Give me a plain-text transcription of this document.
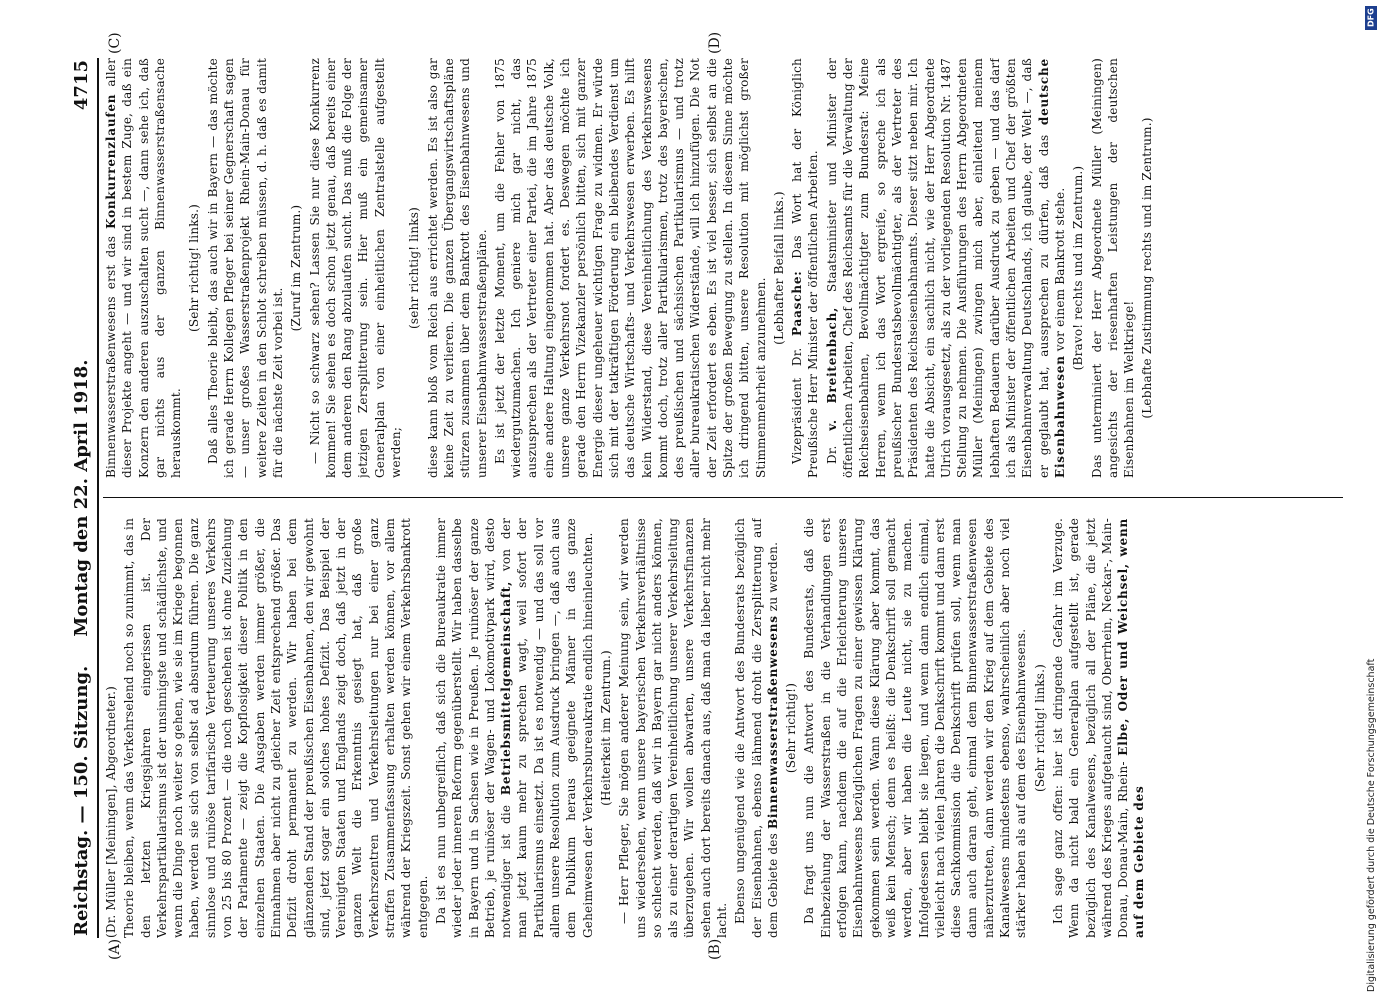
Reichstag. — 150. Sitzung.
Montag den 22. April 1918.
4715
(A)	(B)
(C)	(D)

(Dr. Müller [Meiningen], Abgeordneter.) Theorie bleiben, wenn das Verkehrselend noch so zunimmt, das in den letzten Kriegsjahren eingerissen ist. Der Verkehrspartikularismus ist der unsinnigste und schädlichste, und wenn die Dinge noch weiter so gehen, wie sie im Kriege begonnen haben, werden sie sich von selbst ad absurdum führen. Die ganz sinnlose und ruinöse tarifarische Verteuerung unseres Verkehrs von 25 bis 80 Prozent — die noch geschehen ist ohne Zuziehung der Parlamente — zeigt die Kopflosigkeit dieser Politik in den einzelnen Staaten. Die Ausgaben werden immer größer, die Einnahmen aber nicht zu gleicher Zeit entsprechend größer. Das Defizit droht permanent zu werden. Wir haben bei dem glänzenden Stand der preußischen Eisenbahnen, den wir gewohnt sind, jetzt sogar ein solches hohes Defizit. Das Beispiel der Vereinigten Staaten und Englands zeigt doch, daß jetzt in der ganzen Welt die Erkenntnis gesiegt hat, daß große Verkehrszentren und Verkehrsleitungen nur bei einer ganz straffen Zusammenfassung erhalten werden können, vor allem während der Kriegszeit. Sonst gehen wir einem Verkehrsbankrott entgegen. Da ist es nun unbegreiflich, daß sich die Bureaukratie immer wieder jeder inneren Reform gegenüberstellt. Wir haben dasselbe in Bayern und in Sachsen wie in Preußen. Je ruinöser der ganze Betrieb, je ruinöser der Wagen- und Lokomotivpark wird, desto notwendiger ist die Betriebsmittelgemeinschaft, von der man jetzt kaum mehr zu sprechen wagt, weil sofort der Partikularismus einsetzt. Da ist es notwendig — und das soll vor allem unsere Resolution zum Ausdruck bringen —, daß auch aus dem Publikum heraus geeignete Männer in das ganze Geheimwesen der Verkehrsbureaukratie endlich hineinleuchten. (Heiterkeit im Zentrum.) — Herr Pfleger, Sie mögen anderer Meinung sein, wir werden uns wiedersehen, wenn unsere bayerischen Verkehrsverhältnisse so schlecht werden, daß wir in Bayern gar nicht anders können, als zu einer derartigen Vereinheitlichung unserer Verkehrsleitung überzugehen. Wir wollen abwarten, unsere Verkehrsfinanzen sehen auch dort bereits danach aus, daß man da lieber nicht mehr lacht. Ebenso ungenügend wie die Antwort des Bundesrats bezüglich der Eisenbahnen, ebenso lähmend droht die Zersplitterung auf dem Gebiete des Binnenwasserstraßenwesens zu werden.

(Sehr richtig!) Da fragt uns nun die Antwort des Bundesrats, daß die Einbeziehung der Wasserstraßen in die Verhandlungen erst erfolgen kann, nachdem die auf die Erleichterung unseres Eisenbahnwesens bezüglichen Fragen zu einer gewissen Klärung gekommen sein werden. Wann diese Klärung aber kommt, das weiß kein Mensch; denn es heißt: die Denkschrift soll gemacht werden, aber wir haben die Leute nicht, sie zu machen. Infolgedessen bleibt sie liegen, und wenn dann endlich einmal, vielleicht nach vielen Jahren die Denkschrift kommt und dann erst diese Sachkommission die Denkschrift prüfen soll, wenn man dann auch daran geht, einmal dem Binnenwasserstraßenwesen näherzutreten, dann werden wir den Krieg auf dem Gebiete des Kanalwesens mindestens ebenso, wahrscheinlich aber noch viel stärker haben als auf dem des Eisenbahnwesens. (Sehr richtig! links.) Ich sage ganz offen: hier ist dringende Gefahr im Verzuge. Wenn da nicht bald ein Generalplan aufgestellt ist, gerade bezüglich des Kanalwesens, bezüglich all der Pläne, die jetzt während des Krieges aufgetaucht sind, Oberrhein, Neckar-, Main-Donau, Donau-Main, Rhein- Elbe, Oder und Weichsel, wenn auf dem Gebiete des

Binnenwasserstraßenwesens erst das Konkurrenzlaufen aller dieser Projekte angeht — und wir sind in bestem Zuge, daß ein Konzern den anderen auszuschalten sucht —, dann sehe ich, daß gar nichts aus der ganzen Binnenwasserstraßensache herauskommt.

(Sehr richtig! links.) Daß alles Theorie bleibt, das auch wir in Bayern — das möchte ich gerade Herrn Kollegen Pfleger bei seiner Gegnerschaft sagen — unser großes Wasserstraßenprojekt Rhein-Main-Donau für weitere Zeiten in den Schlot schreiben müssen, d. h. daß es damit für die nächste Zeit vorbei ist.

(Zuruf im Zentrum.) — Nicht so schwarz sehen? Lassen Sie nur diese Konkurrenz kommen! Sie sehen es doch schon jetzt genau, daß bereits einer dem anderen den Rang abzulaufen sucht. Das muß die Folge der jetzigen Zersplitterung sein. Hier muß ein gemeinsamer Generalplan von einer einheitlichen Zentralstelle aufgestellt werden;

(sehr richtig! links) diese kann bloß vom Reich aus errichtet werden. Es ist also gar keine Zeit zu verlieren. Die ganzen Übergangswirtschaftspläne stürzen zusammen über dem Bankrott des Eisenbahnwesens und unserer Eisenbahnwasserstraßenpläne. Es ist jetzt der letzte Moment, um die Fehler von 1875 wiedergutzumachen. Ich geniere mich gar nicht, das auszusprechen als der Vertreter einer Partei, die im Jahre 1875 eine andere Haltung eingenommen hat. Aber das deutsche Volk, unsere ganze Verkehrsnot fordert es. Deswegen möchte ich gerade den Herrn Vizekanzler persönlich bitten, sich mit ganzer Energie dieser ungeheuer wichtigen Frage zu widmen. Er würde sich mit der tatkräftigen Förderung ein bleibendes Verdienst um das deutsche Wirtschafts- und Verkehrswesen erwerben. Es hilft kein Widerstand, diese Vereinheitlichung des Verkehrswesens kommt doch, trotz aller Partikularismen, trotz des bayerischen, des preußischen und sächsischen Partikularismus — und trotz aller bureaukratischen Widerstände, will ich hinzufügen. Die Not der Zeit erfordert es eben. Es ist viel besser, sich selbst an die Spitze der großen Bewegung zu stellen. In diesem Sinne möchte ich dringend bitten, unsere Resolution mit möglichst großer Stimmenmehrheit anzunehmen.

(Lebhafter Beifall links.)

Vizepräsident Dr. Paasche: Das Wort hat der Königlich Preußische Herr Minister der öffentlichen Arbeiten. Dr. v. Breitenbach, Staatsminister und Minister der öffentlichen Arbeiten, Chef des Reichsamts für die Verwaltung der Reichseisenbahnen, Bevollmächtigter zum Bundesrat: Meine Herren, wenn ich das Wort ergreife, so spreche ich als preußischer Bundesratsbevollmächtigter, als der Vertreter des Präsidenten des Reichseisenbahnamts. Dieser sitzt neben mir. Ich hatte die Absicht, ein sachlich nicht, wie der Herr Abgeordnete Ulrich vorausgesetzt, als zu der vorliegenden Resolution Nr. 1487 Stellung zu nehmen. Die Ausführungen des Herrn Abgeordneten Müller (Meiningen) zwingen mich aber, einleitend meinem lebhaften Bedauern darüber Ausdruck zu geben — und das darf ich als Minister der öffentlichen Arbeiten und Chef der größten Eisenbahnverwaltung Deutschlands, ich glaube, der Welt —, daß er geglaubt hat, aussprechen zu dürfen, daß das deutsche Eisenbahnwesen vor einem Bankrott stehe. (Bravo! rechts und im Zentrum.) Das unterminiert der Herr Abgeordnete Müller (Meiningen) angesichts der riesenhaften Leistungen der deutschen Eisenbahnen im Weltkriege! (Lebhafte Zustimmung rechts und im Zentrum.)

DFG
Digitalisierung gefördert durch die Deutsche Forschungsgemeinschaft
